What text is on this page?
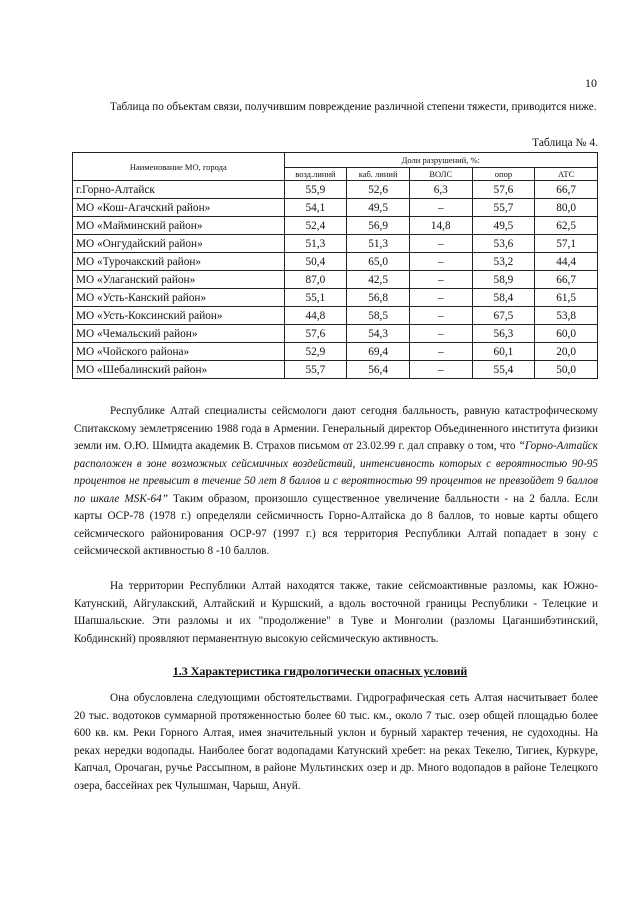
10

Таблица по объектам связи, получившим повреждение различной степени тяжести, приводится ниже.

Таблица № 4.
Наименование МО, города	Доли разрушений, %:				
	возд.линий	каб. линий	ВОЛС	опор	АТС
г.Горно-Алтайск	55,9	52,6	6,3	57,6	66,7
МО «Кош-Агачский район»	54,1	49,5	–	55,7	80,0
МО «Майминский район»	52,4	56,9	14,8	49,5	62,5
МО «Онгудайский район»	51,3	51,3	–	53,6	57,1
МО «Турочакский район»	50,4	65,0	–	53,2	44,4
МО «Улаганский район»	87,0	42,5	–	58,9	66,7
МО «Усть-Канский район»	55,1	56,8	–	58,4	61,5
МО «Усть-Коксинский район»	44,8	58,5	–	67,5	53,8
МО «Чемальский район»	57,6	54,3	–	56,3	60,0
МО «Чойского района»	52,9	69,4	–	60,1	20,0
МО «Шебалинский район»	55,7	56,4	–	55,4	50,0

Республике Алтай специалисты сейсмологи дают сегодня балльность, равную катастрофическому Спитакскому землетрясению 1988 года в Армении. Генеральный директор Объединенного института физики земли им. О.Ю. Шмидта академик В. Страхов письмом от 23.02.99 г. дал справку о том, что “Горно-Алтайск расположен в зоне возможных сейсмичных воздействий, интенсивность которых с вероятностью 90-95 процентов не превысит в течение 50 лет 8 баллов и с вероятностью 99 процентов не превзойдет 9 баллов по шкале MSK-64” Таким образом, произошло существенное увеличение балльности - на 2 балла. Если карты ОСР-78 (1978 г.) определяли сейсмичность Горно-Алтайска до 8 баллов, то новые карты общего сейсмического районирования ОСР-97 (1997 г.) вся территория Республики Алтай попадает в зону с сейсмической активностью 8 -10 баллов.

На территории Республики Алтай находятся также, такие сейсмоактивные разломы, как Южно-Катунский, Айгулакский, Алтайский и Куршский, а вдоль восточной границы Республики - Телецкие и Шапшальские. Эти разломы и их "продолжение" в Туве и Монголии (разломы Цаганшибэтинский, Кобдинский) проявляют перманентную высокую сейсмическую активность.

1.3 Характеристика гидрологически опасных условий

Она обусловлена следующими обстоятельствами. Гидрографическая сеть Алтая насчитывает более 20 тыс. водотоков суммарной протяженностью более 60 тыс. км., около 7 тыс. озер общей площадью более 600 кв. км. Реки Горного Алтая, имея значительный уклон и бурный характер течения, не судоходны. На реках нередки водопады. Наиболее богат водопадами Катунский хребет: на реках Текелю, Тигиек, Куркуре, Капчал, Орочаган, ручье Рассыпном, в районе Мультинских озер и др. Много водопадов в районе Телецкого озера, бассейнах рек Чулышман, Чарыш, Ануй.
